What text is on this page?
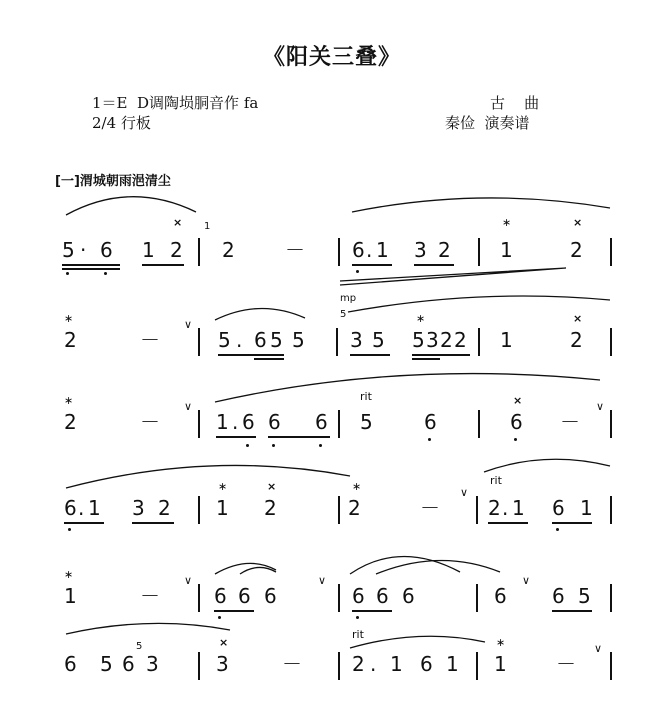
《阳关三叠》
1＝E  D调陶埙胴音作 fa
2/4 行板
古    曲
秦俭  演奏谱
[一]渭城朝雨浥清尘
5 · 6 1 2
× 1
2	－ 6 . 1 3 2
∗
1
×
2
∗
2	－
∨
5 . 6 5 5
5
mp
3 5
∗
5 3 2 2 1
×
2
∗
2	－
∨
1 . 6 6 6
rit
5	6
×
6 －
∨
6 . 1 3 2
∗
1
×
2
∗
2	－
∨
rit
2 . 1 6 1
∗
1	－
∨
6 6 6
∨
6 6 6	6
∨
6 5
6 5 6
5
3
×
3	－
rit
2 . 1 6 1
∗
1 －
∨
